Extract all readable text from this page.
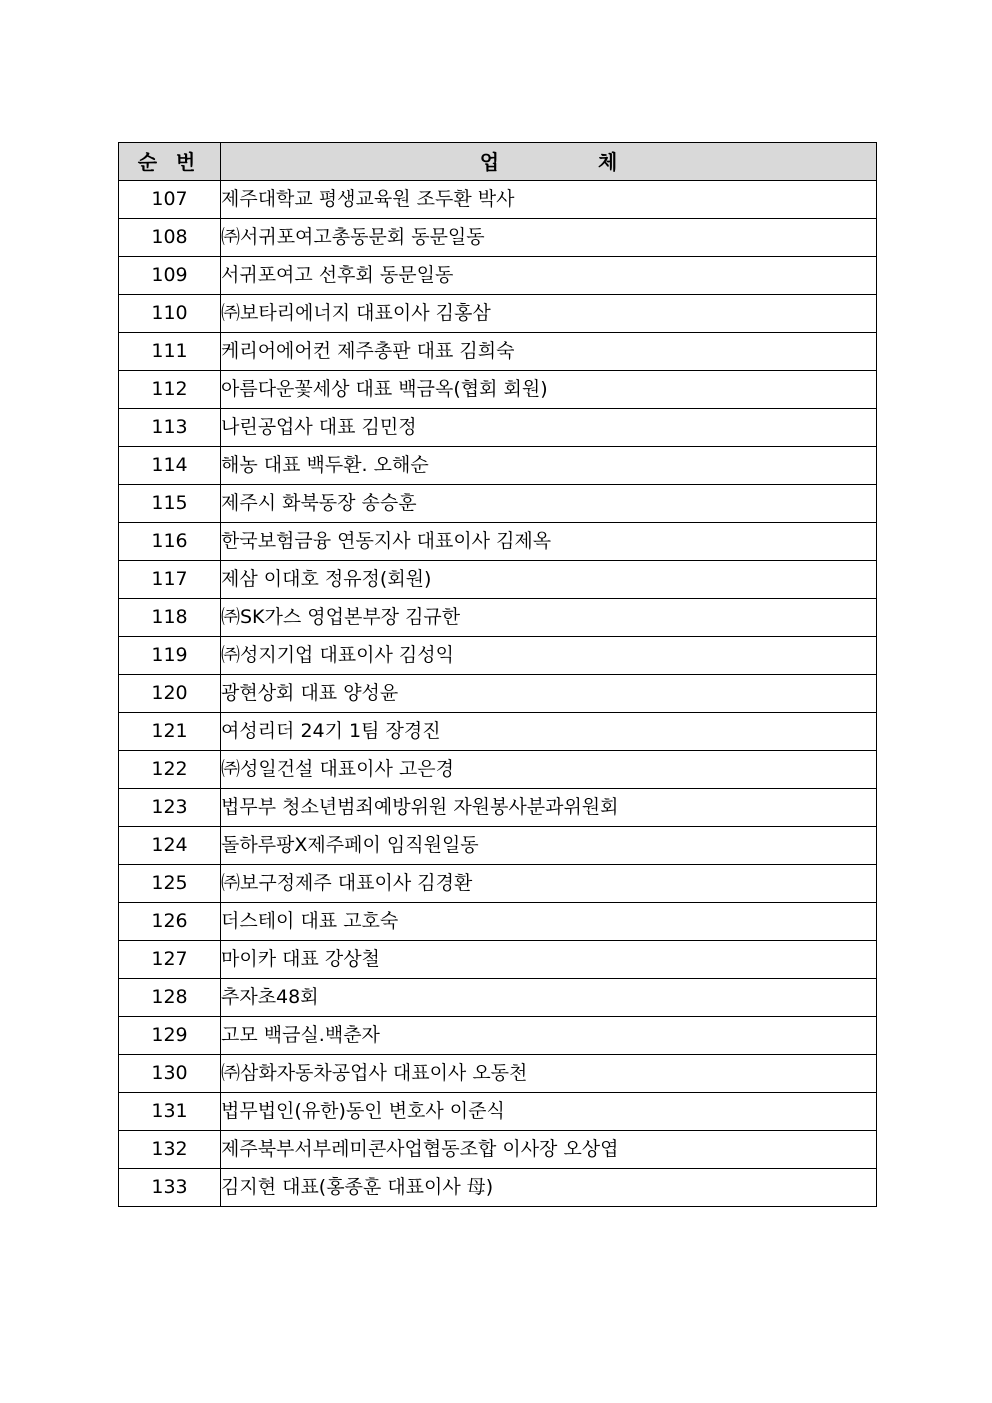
순 번	업 체
107	제주대학교 평생교육원 조두환 박사
108	㈜서귀포여고총동문회 동문일동
109	서귀포여고 선후회 동문일동
110	㈜보타리에너지 대표이사 김홍삼
111	케리어에어컨 제주총판 대표 김희숙
112	아름다운꽃세상 대표 백금옥(협회 회원)
113	나린공업사 대표 김민정
114	해농 대표 백두환. 오해순
115	제주시 화북동장 송승훈
116	한국보험금융 연동지사 대표이사 김제옥
117	제삼 이대호 정유정(회원)
118	㈜SK가스 영업본부장 김규한
119	㈜성지기업 대표이사 김성익
120	광현상회 대표 양성윤
121	여성리더 24기 1팀 장경진
122	㈜성일건설 대표이사 고은경
123	법무부 청소년범죄예방위원 자원봉사분과위원회
124	돌하루팡X제주페이 임직원일동
125	㈜보구정제주 대표이사 김경환
126	더스테이 대표 고호숙
127	마이카 대표 강상철
128	추자초48회
129	고모 백금실.백춘자
130	㈜삼화자동차공업사 대표이사 오동천
131	법무법인(유한)동인 변호사 이준식
132	제주북부서부레미콘사업협동조합 이사장 오상엽
133	김지현 대표(홍종훈 대표이사 母)
